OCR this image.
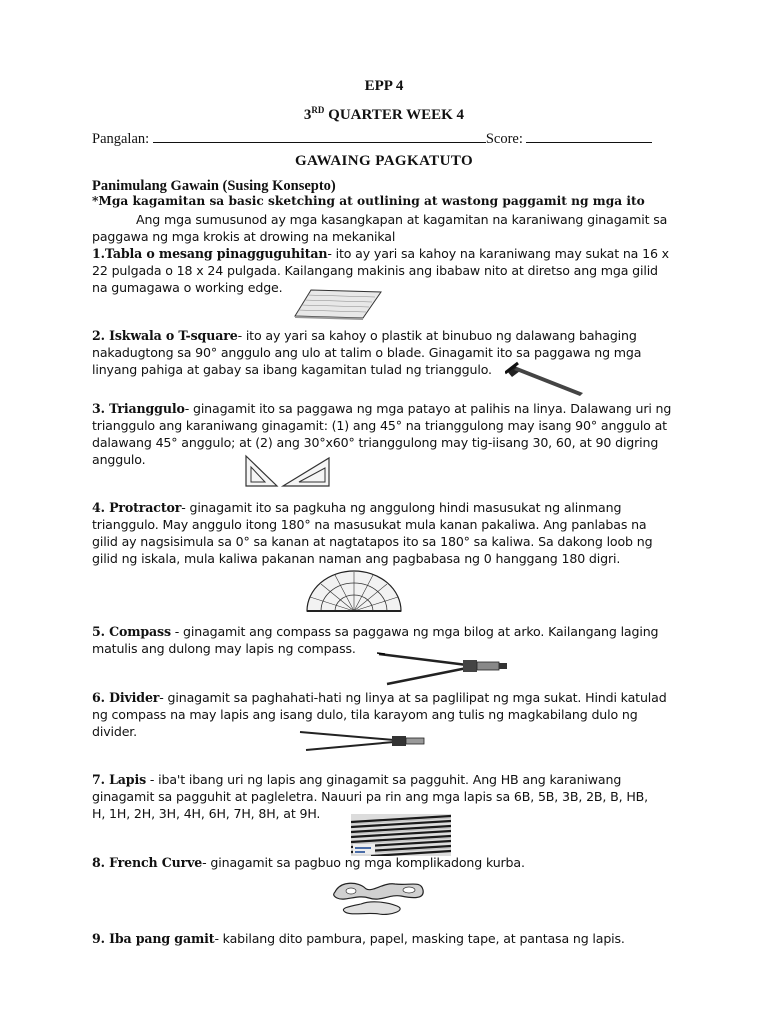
EPP 4
3RD QUARTER WEEK 4
Pangalan:	Score:
GAWAING PAGKATUTO
Panimulang Gawain (Susing Konsepto)
*Mga kagamitan sa basic sketching at outlining at wastong paggamit ng mga ito
Ang mga sumusunod ay mga kasangkapan at kagamitan na karaniwang ginagamit sa
paggawa ng mga krokis at drowing na mekanikal
1.Tabla o mesang pinagguguhitan- ito ay yari sa kahoy na karaniwang may sukat na 16 x
22 pulgada o 18 x 24 pulgada. Kailangang makinis ang ibabaw nito at diretso ang mga gilid
na gumagawa o working edge.
2. Iskwala o T-square- ito ay yari sa kahoy o plastik at binubuo ng dalawang bahaging
nakadugtong sa 90° anggulo ang ulo at talim o blade. Ginagamit ito sa paggawa ng mga
linyang pahiga at gabay sa ibang kagamitan tulad ng trianggulo.
3. Trianggulo- ginagamit ito sa paggawa ng mga patayo at palihis na linya. Dalawang uri ng
trianggulo ang karaniwang ginagamit: (1) ang 45° na trianggulong may isang 90° anggulo at
dalawang 45° anggulo; at (2) ang 30°x60° trianggulong may tig-iisang 30, 60, at 90 digring
anggulo.
4. Protractor- ginagamit ito sa pagkuha ng anggulong hindi masusukat ng alinmang
trianggulo. May anggulo itong 180° na masusukat mula kanan pakaliwa. Ang panlabas na
gilid ay nagsisimula sa 0° sa kanan at nagtatapos ito sa 180° sa kaliwa. Sa dakong loob ng
gilid ng iskala, mula kaliwa pakanan naman ang pagbabasa ng 0 hanggang 180 digri.
5. Compass - ginagamit ang compass sa paggawa ng mga bilog at arko. Kailangang laging
matulis ang dulong may lapis ng compass.
6. Divider- ginagamit sa paghahati-hati ng linya at sa paglilipat ng mga sukat. Hindi katulad
ng compass na may lapis ang isang dulo, tila karayom ang tulis ng magkabilang dulo ng
divider.
7. Lapis - iba't ibang uri ng lapis ang ginagamit sa pagguhit. Ang HB ang karaniwang
ginagamit sa pagguhit at pagleletra. Nauuri pa rin ang mga lapis sa 6B, 5B, 3B, 2B, B, HB,
H, 1H, 2H, 3H, 4H, 6H, 7H, 8H, at 9H.
8. French Curve- ginagamit sa pagbuo ng mga komplikadong kurba.
9. Iba pang gamit- kabilang dito pambura, papel, masking tape, at pantasa ng lapis.
